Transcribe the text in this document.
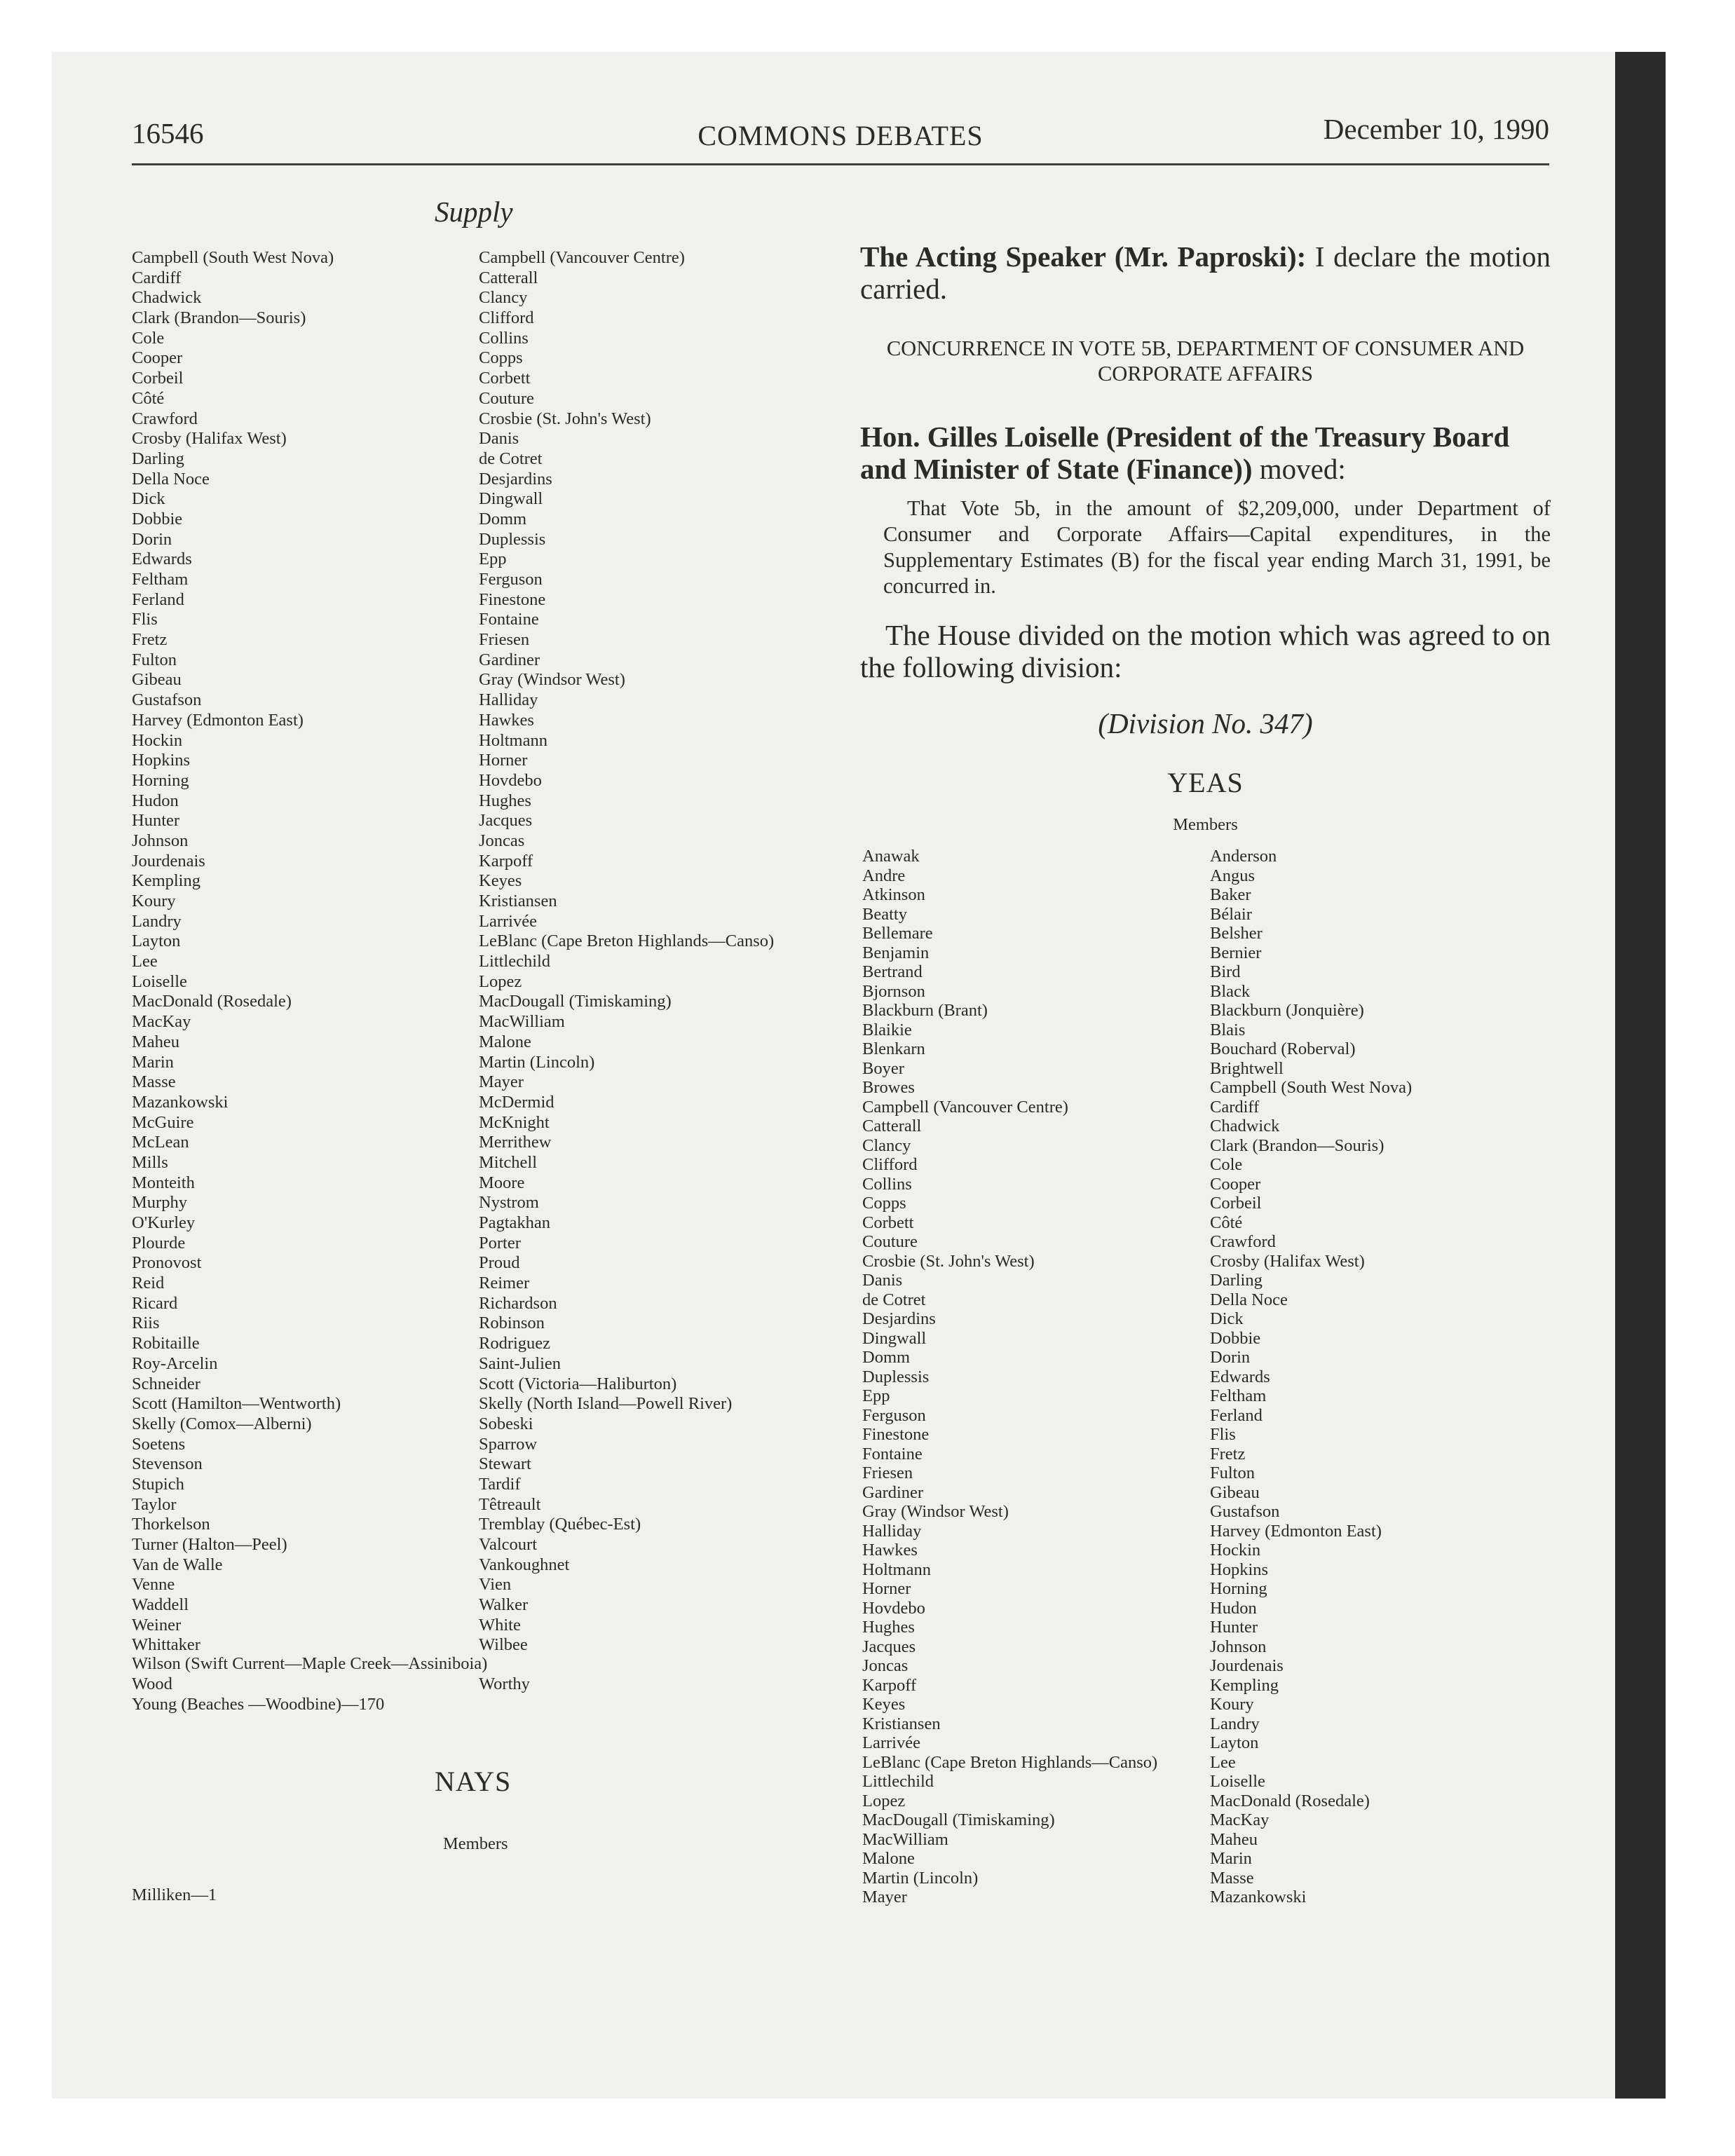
16546	COMMONS DEBATES	December 10, 1990
Supply
Campbell (South West Nova)
Cardiff
Chadwick
Clark (Brandon—Souris)
Cole
Cooper
Corbeil
Côté
Crawford
Crosby (Halifax West)
Darling
Della Noce
Dick
Dobbie
Dorin
Edwards
Feltham
Ferland
Flis
Fretz
Fulton
Gibeau
Gustafson
Harvey (Edmonton East)
Hockin
Hopkins
Horning
Hudon
Hunter
Johnson
Jourdenais
Kempling
Koury
Landry
Layton
Lee
Loiselle
MacDonald (Rosedale)
MacKay
Maheu
Marin
Masse
Mazankowski
McGuire
McLean
Mills
Monteith
Murphy
O'Kurley
Plourde
Pronovost
Reid
Ricard
Riis
Robitaille
Roy-Arcelin
Schneider
Scott (Hamilton—Wentworth)
Skelly (Comox—Alberni)
Soetens
Stevenson
Stupich
Taylor
Thorkelson
Turner (Halton—Peel)
Van de Walle
Venne
Waddell
Weiner
Whittaker
Campbell (Vancouver Centre)
Catterall
Clancy
Clifford
Collins
Copps
Corbett
Couture
Crosbie (St. John's West)
Danis
de Cotret
Desjardins
Dingwall
Domm
Duplessis
Epp
Ferguson
Finestone
Fontaine
Friesen
Gardiner
Gray (Windsor West)
Halliday
Hawkes
Holtmann
Horner
Hovdebo
Hughes
Jacques
Joncas
Karpoff
Keyes
Kristiansen
Larrivée
LeBlanc (Cape Breton Highlands—Canso)
Littlechild
Lopez
MacDougall (Timiskaming)
MacWilliam
Malone
Martin (Lincoln)
Mayer
McDermid
McKnight
Merrithew
Mitchell
Moore
Nystrom
Pagtakhan
Porter
Proud
Reimer
Richardson
Robinson
Rodriguez
Saint-Julien
Scott (Victoria—Haliburton)
Skelly (North Island—Powell River)
Sobeski
Sparrow
Stewart
Tardif
Têtreault
Tremblay (Québec-Est)
Valcourt
Vankoughnet
Vien
Walker
White
Wilbee
Wilson (Swift Current—Maple Creek—Assiniboia)
Wood
Young (Beaches —Woodbine)—170
Worthy
NAYS
Members
Milliken—1

The Acting Speaker (Mr. Paproski): I declare the motion carried.

CONCURRENCE IN VOTE 5B, DEPARTMENT OF CONSUMER AND CORPORATE AFFAIRS

Hon. Gilles Loiselle (President of the Treasury Board and Minister of State (Finance)) moved:

That Vote 5b, in the amount of $2,209,000, under Department of Consumer and Corporate Affairs—Capital expenditures, in the Supplementary Estimates (B) for the fiscal year ending March 31, 1991, be concurred in.

The House divided on the motion which was agreed to on the following division:

(Division No. 347)
YEAS
Members
Anawak
Andre
Atkinson
Beatty
Bellemare
Benjamin
Bertrand
Bjornson
Blackburn (Brant)
Blaikie
Blenkarn
Boyer
Browes
Campbell (Vancouver Centre)
Catterall
Clancy
Clifford
Collins
Copps
Corbett
Couture
Crosbie (St. John's West)
Danis
de Cotret
Desjardins
Dingwall
Domm
Duplessis
Epp
Ferguson
Finestone
Fontaine
Friesen
Gardiner
Gray (Windsor West)
Halliday
Hawkes
Holtmann
Horner
Hovdebo
Hughes
Jacques
Joncas
Karpoff
Keyes
Kristiansen
Larrivée
LeBlanc (Cape Breton Highlands—Canso)
Littlechild
Lopez
MacDougall (Timiskaming)
MacWilliam
Malone
Martin (Lincoln)
Mayer
Anderson
Angus
Baker
Bélair
Belsher
Bernier
Bird
Black
Blackburn (Jonquière)
Blais
Bouchard (Roberval)
Brightwell
Campbell (South West Nova)
Cardiff
Chadwick
Clark (Brandon—Souris)
Cole
Cooper
Corbeil
Côté
Crawford
Crosby (Halifax West)
Darling
Della Noce
Dick
Dobbie
Dorin
Edwards
Feltham
Ferland
Flis
Fretz
Fulton
Gibeau
Gustafson
Harvey (Edmonton East)
Hockin
Hopkins
Horning
Hudon
Hunter
Johnson
Jourdenais
Kempling
Koury
Landry
Layton
Lee
Loiselle
MacDonald (Rosedale)
MacKay
Maheu
Marin
Masse
Mazankowski
